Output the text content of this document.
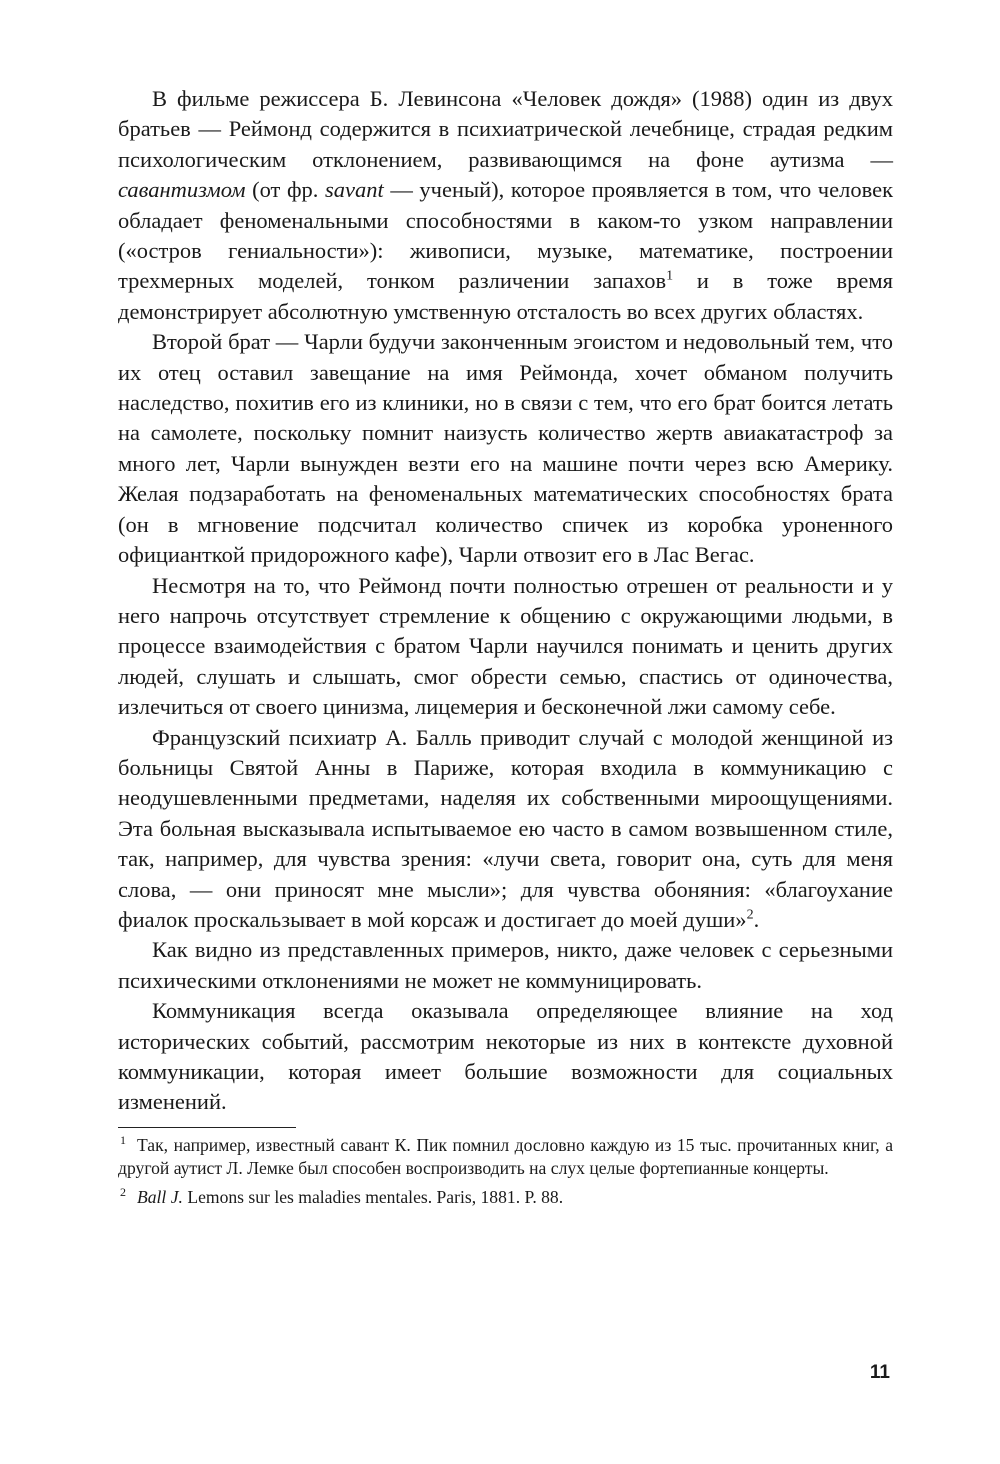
В фильме режиссера Б. Левинсона «Человек дождя» (1988) один из двух братьев — Реймонд содержится в психиатрической лечебнице, страдая редким психологическим отклонением, развивающимся на фоне аутизма — савантизмом (от фр. savant — ученый), которое проявляется в том, что человек обладает феноменальными способностями в каком-то узком направлении («остров гениальности»): живописи, музыке, математике, построении трехмерных моделей, тонком различении запахов$^1$ и в тоже время демонстрирует абсолютную умственную отсталость во всех других областях.

Второй брат — Чарли будучи законченным эгоистом и недовольный тем, что их отец оставил завещание на имя Реймонда, хочет обманом получить наследство, похитив его из клиники, но в связи с тем, что его брат боится летать на самолете, поскольку помнит наизусть количество жертв авиакатастроф за много лет, Чарли вынужден везти его на машине почти через всю Америку. Желая подзаработать на феноменальных математических способностях брата (он в мгновение подсчитал количество спичек из коробка уроненного официанткой придорожного кафе), Чарли отвозит его в Лас Вегас.

Несмотря на то, что Реймонд почти полностью отрешен от реальности и у него напрочь отсутствует стремление к общению с окружающими людьми, в процессе взаимодействия с братом Чарли научился понимать и ценить других людей, слушать и слышать, смог обрести семью, спастись от одиночества, излечиться от своего цинизма, лицемерия и бесконечной лжи самому себе.

Французский психиатр А. Балль приводит случай с молодой женщиной из больницы Святой Анны в Париже, которая входила в коммуникацию с неодушевленными предметами, наделяя их собственными мироощущениями. Эта больная высказывала испытываемое ею часто в самом возвышенном стиле, так, например, для чувства зрения: «лучи света, говорит она, суть для меня слова, — они приносят мне мысли»; для чувства обоняния: «благоухание фиалок проскальзывает в мой корсаж и достигает до моей души»$^2$.

Как видно из представленных примеров, никто, даже человек с серьезными психическими отклонениями не может не коммуницировать.

Коммуникация всегда оказывала определяющее влияние на ход исторических событий, рассмотрим некоторые из них в контексте духовной коммуникации, которая имеет большие возможности для социальных изменений.

$^1$ Так, например, известный савант К. Пик помнил дословно каждую из 15 тыс. прочитанных книг, а другой аутист Л. Лемке был способен воспроизводить на слух целые фортепианные концерты.

$^2$ Ball J. Lemons sur les maladies mentales. Paris, 1881. P. 88.

11
